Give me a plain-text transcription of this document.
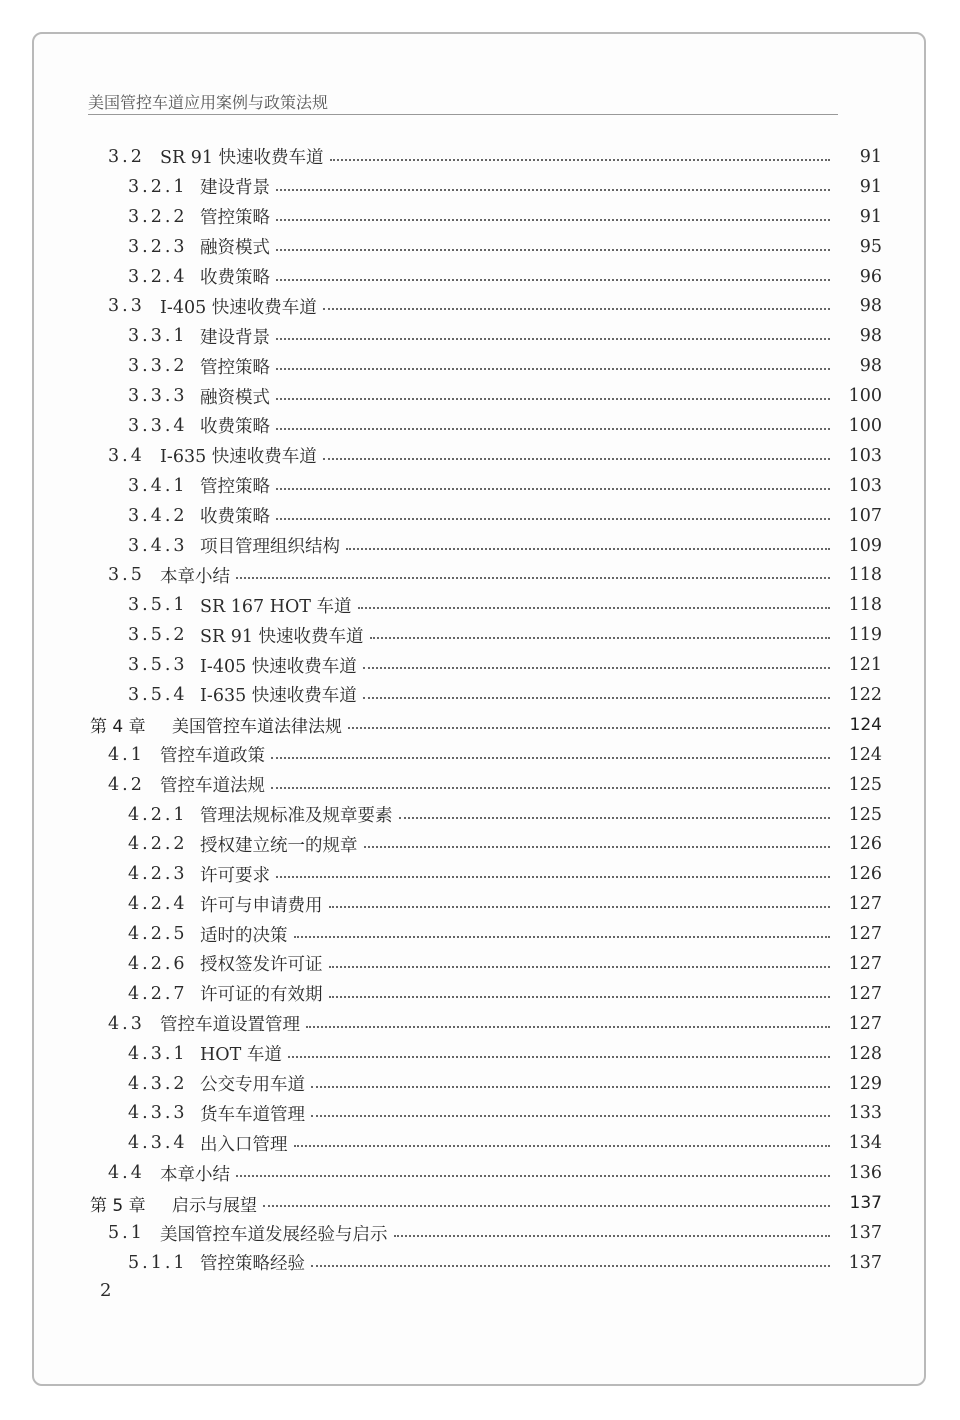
美国管控车道应用案例与政策法规
3.2 SR 91 快速收费车道	91
3.2.1 建设背景	91
3.2.2 管控策略	91
3.2.3 融资模式	95
3.2.4 收费策略	96
3.3 I-405 快速收费车道	98
3.3.1 建设背景	98
3.3.2 管控策略	98
3.3.3 融资模式	100
3.3.4 收费策略	100
3.4 I-635 快速收费车道	103
3.4.1 管控策略	103
3.4.2 收费策略	107
3.4.3 项目管理组织结构	109
3.5 本章小结	118
3.5.1 SR 167 HOT 车道	118
3.5.2 SR 91 快速收费车道	119
3.5.3 I-405 快速收费车道	121
3.5.4 I-635 快速收费车道	122
第 4 章	美国管控车道法律法规	124
4.1 管控车道政策	124
4.2 管控车道法规	125
4.2.1 管理法规标准及规章要素	125
4.2.2 授权建立统一的规章	126
4.2.3 许可要求	126
4.2.4 许可与申请费用	127
4.2.5 适时的决策	127
4.2.6 授权签发许可证	127
4.2.7 许可证的有效期	127
4.3 管控车道设置管理	127
4.3.1 HOT 车道	128
4.3.2 公交专用车道	129
4.3.3 货车车道管理	133
4.3.4 出入口管理	134
4.4 本章小结	136
第 5 章	启示与展望	137
5.1 美国管控车道发展经验与启示	137
5.1.1 管控策略经验	137
2
